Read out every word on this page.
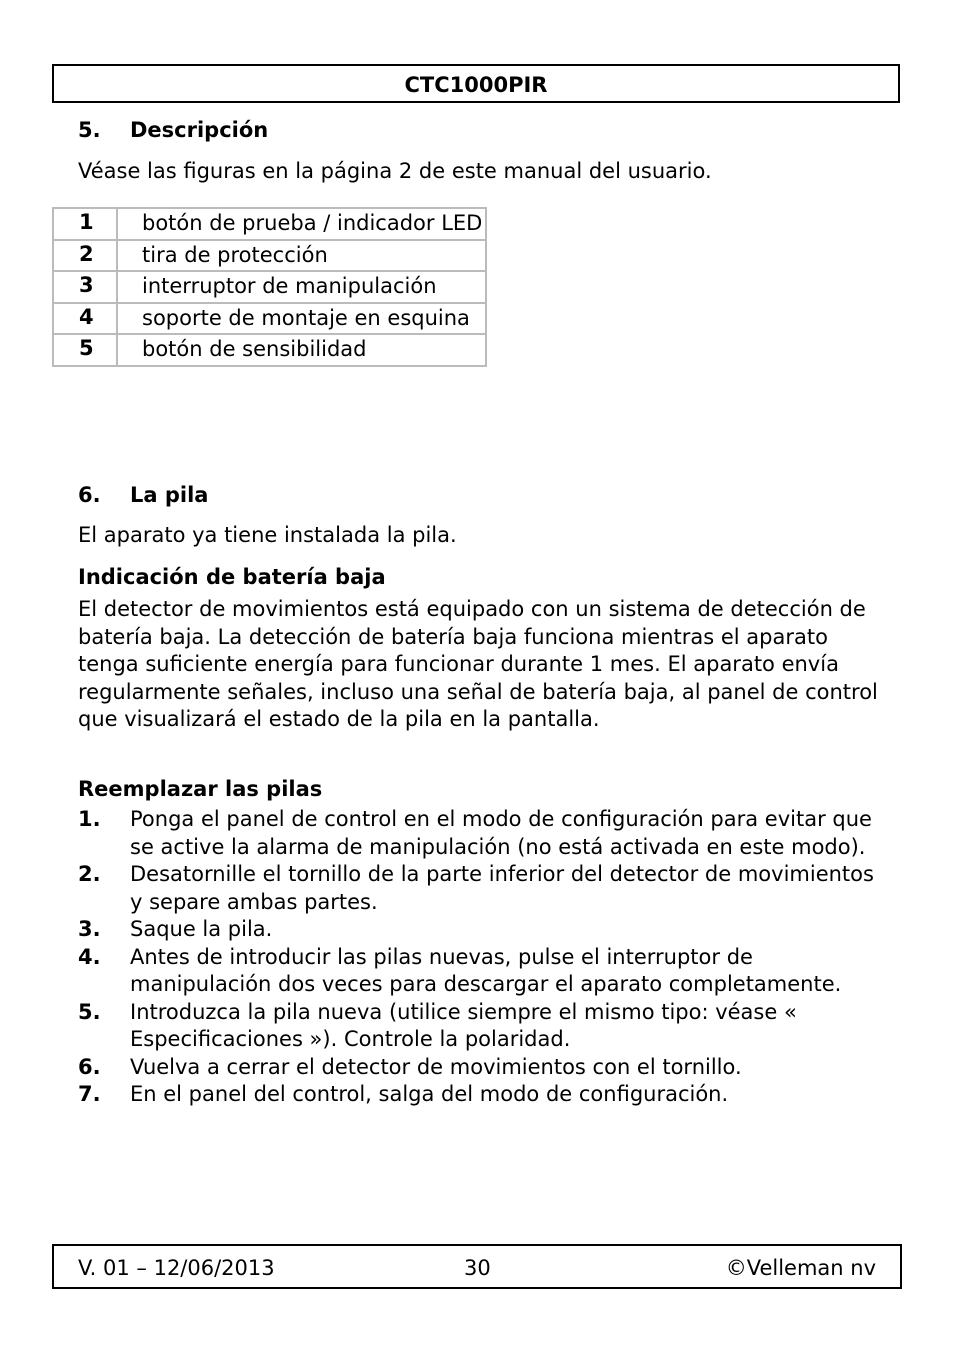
CTC1000PIR
5. Descripción
Véase las figuras en la página 2 de este manual del usuario.
1	botón de prueba / indicador LED
2	tira de protección
3	interruptor de manipulación
4	soporte de montaje en esquina
5	botón de sensibilidad
6. La pila
El aparato ya tiene instalada la pila.
Indicación de batería baja
El detector de movimientos está equipado con un sistema de detección de batería baja. La detección de batería baja funciona mientras el aparato tenga suficiente energía para funcionar durante 1 mes. El aparato envía regularmente señales, incluso una señal de batería baja, al panel de control que visualizará el estado de la pila en la pantalla.
Reemplazar las pilas
1.	Ponga el panel de control en el modo de configuración para evitar que se active la alarma de manipulación (no está activada en este modo).
2.	Desatornille el tornillo de la parte inferior del detector de movimientos y separe ambas partes.
3.	Saque la pila.
4.	Antes de introducir las pilas nuevas, pulse el interruptor de manipulación dos veces para descargar el aparato completamente.
5.	Introduzca la pila nueva (utilice siempre el mismo tipo: véase « Especificaciones »). Controle la polaridad.
6.	Vuelva a cerrar el detector de movimientos con el tornillo.
7.	En el panel del control, salga del modo de configuración.
V. 01 – 12/06/2013	30	©Velleman nv
